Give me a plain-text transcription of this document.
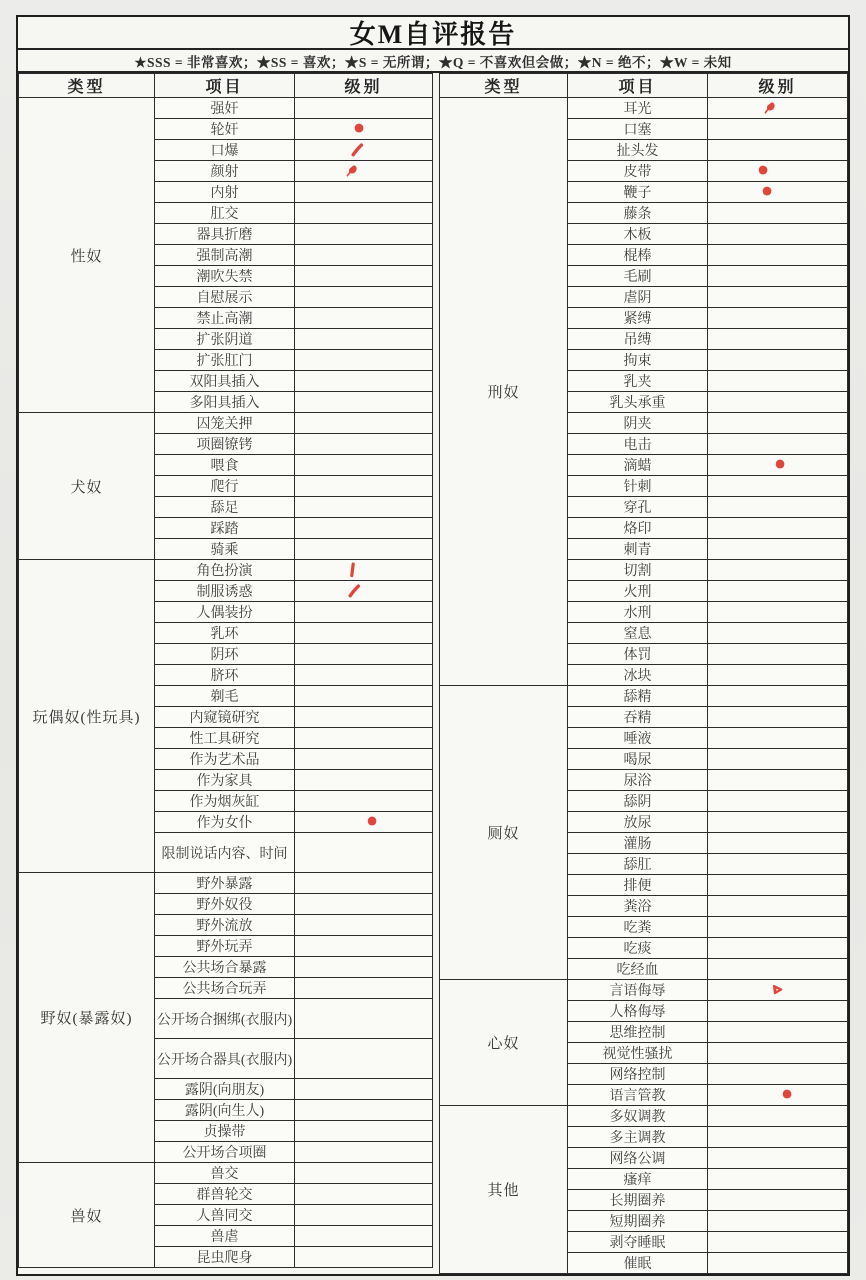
女M自评报告
★SSS = 非常喜欢；★SS = 喜欢；★S = 无所谓；★Q = 不喜欢但会做；★N = 绝不；★W = 未知
类型	项目	级别
性奴	强奸	
	轮奸	

	口爆	

	颜射	

	内射	
	肛交	
	器具折磨	
	强制高潮	
	潮吹失禁	
	自慰展示	
	禁止高潮	
	扩张阴道	
	扩张肛门	
	双阳具插入	
	多阳具插入	
犬奴	囚笼关押	
	项圈镣铐	
	喂食	
	爬行	
	舔足	
	踩踏	
	骑乘	
玩偶奴(性玩具)	角色扮演	

	制服诱惑	

	人偶装扮	
	乳环	
	阴环	
	脐环	
	剃毛	
	内窥镜研究	
	性工具研究	
	作为艺术品	
	作为家具	
	作为烟灰缸	
	作为女仆	

	限制说话内容、时间	
野奴(暴露奴)	野外暴露	
	野外奴役	
	野外流放	
	野外玩弄	
	公共场合暴露	
	公共场合玩弄	
	公开场合捆绑(衣服内)	
	公开场合器具(衣服内)	
	露阴(向朋友)	
	露阴(向生人)	
	贞操带	
	公开场合项圈	
兽奴	兽交	
	群兽轮交	
	人兽同交	
	兽虐	
	昆虫爬身	
类型	项目	级别
刑奴	耳光	

	口塞	
	扯头发	
	皮带	

	鞭子	

	藤条	
	木板	
	棍棒	
	毛刷	
	虐阴	
	紧缚	
	吊缚	
	拘束	
	乳夹	
	乳头承重	
	阴夹	
	电击	
	滴蜡	

	针刺	
	穿孔	
	烙印	
	刺青	
	切割	
	火刑	
	水刑	
	窒息	
	体罚	
	冰块	
厕奴	舔精	
	吞精	
	唾液	
	喝尿	
	尿浴	
	舔阴	
	放尿	
	灌肠	
	舔肛	
	排便	
	粪浴	
	吃粪	
	吃痰	
	吃经血	
心奴	言语侮辱	

	人格侮辱	
	思维控制	
	视觉性骚扰	
	网络控制	
	语言管教	

其他	多奴调教	
	多主调教	
	网络公调	
	瘙痒	
	长期圈养	
	短期圈养	
	剥夺睡眠	
	催眠	
